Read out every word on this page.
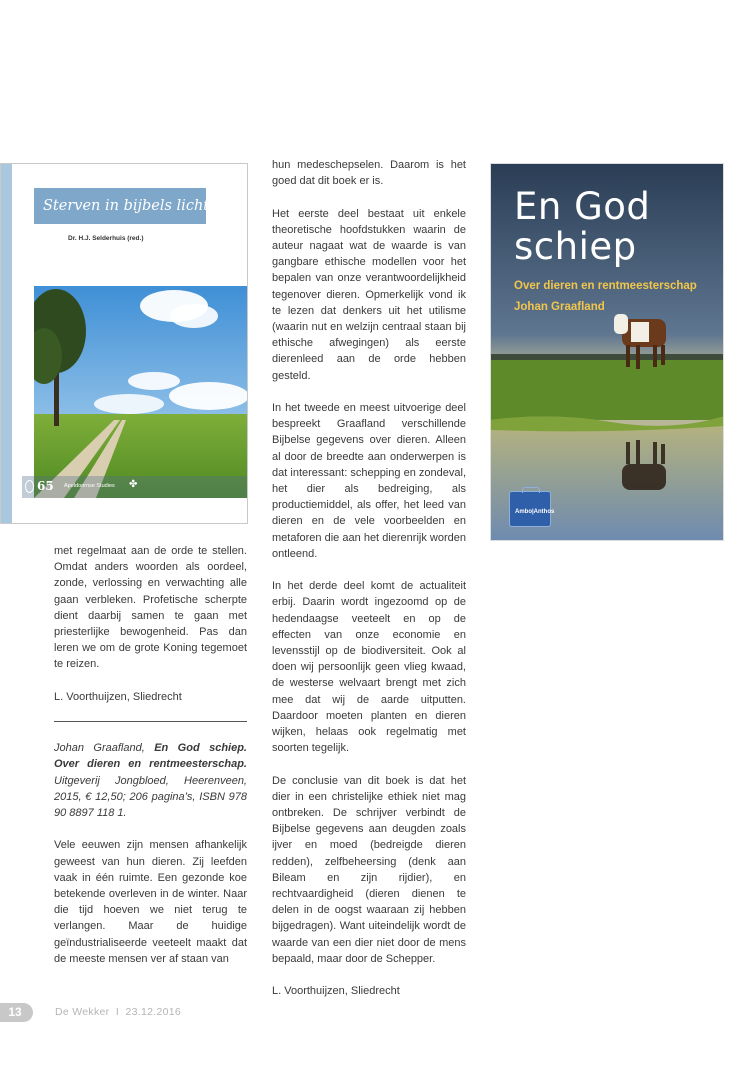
Sterven in bijbels licht
Dr. H.J. Selderhuis (red.)
65 Apeldoornse Studies ✤
En God
schiep
Over dieren en rentmeesterschap
Johan Graafland
Ambo|Anthos

met regelmaat aan de orde te stellen. Omdat anders woorden als oordeel, zonde, verlossing en verwachting alle gaan verbleken. Profetische scherpte dient daarbij samen te gaan met priesterlijke bewogenheid. Pas dan leren we om de grote Koning tegemoet te reizen.

L. Voorthuijzen, Sliedrecht

Johan Graafland, En God schiep. Over dieren en rentmeesterschap. Uitgeverij Jongbloed, Heerenveen, 2015, € 12,50; 206 pagina’s, ISBN 978 90 8897 118 1.

Vele eeuwen zijn mensen afhankelijk geweest van hun dieren. Zij leefden vaak in één ruimte. Een gezonde koe betekende overleven in de winter. Naar die tijd hoeven we niet terug te verlangen. Maar de huidige geïndustrialiseerde veeteelt maakt dat de meeste mensen ver af staan van

hun medeschepselen. Daarom is het goed dat dit boek er is.

Het eerste deel bestaat uit enkele theoretische hoofdstukken waarin de auteur nagaat wat de waarde is van gangbare ethische modellen voor het bepalen van onze verantwoordelijkheid tegenover dieren. Opmerkelijk vond ik te lezen dat denkers uit het utilisme (waarin nut en welzijn centraal staan bij ethische afwegingen) als eerste dierenleed aan de orde hebben gesteld.

In het tweede en meest uitvoerige deel bespreekt Graafland verschillende Bijbelse gegevens over dieren. Alleen al door de breedte aan onderwerpen is dat interessant: schepping en zondeval, het dier als bedreiging, als productiemiddel, als offer, het leed van dieren en de vele voorbeelden en metaforen die aan het dierenrijk worden ontleend.

In het derde deel komt de actualiteit erbij. Daarin wordt ingezoomd op de hedendaagse veeteelt en op de effecten van onze economie en levensstijl op de biodiversiteit. Ook al doen wij persoonlijk geen vlieg kwaad, de westerse welvaart brengt met zich mee dat wij de aarde uitputten. Daardoor moeten planten en dieren wijken, helaas ook regelmatig met soorten tegelijk.

De conclusie van dit boek is dat het dier in een christelijke ethiek niet mag ontbreken. De schrijver verbindt de Bijbelse gegevens aan deugden zoals ijver en moed (bedreigde dieren redden), zelfbeheersing (denk aan Bileam en zijn rijdier), en rechtvaardigheid (dieren dienen te delen in de oogst waaraan zij hebben bijgedragen). Want uiteindelijk wordt de waarde van een dier niet door de mens bepaald, maar door de Schepper.

L. Voorthuijzen, Sliedrecht

13	De Wekker  I  23.12.2016
